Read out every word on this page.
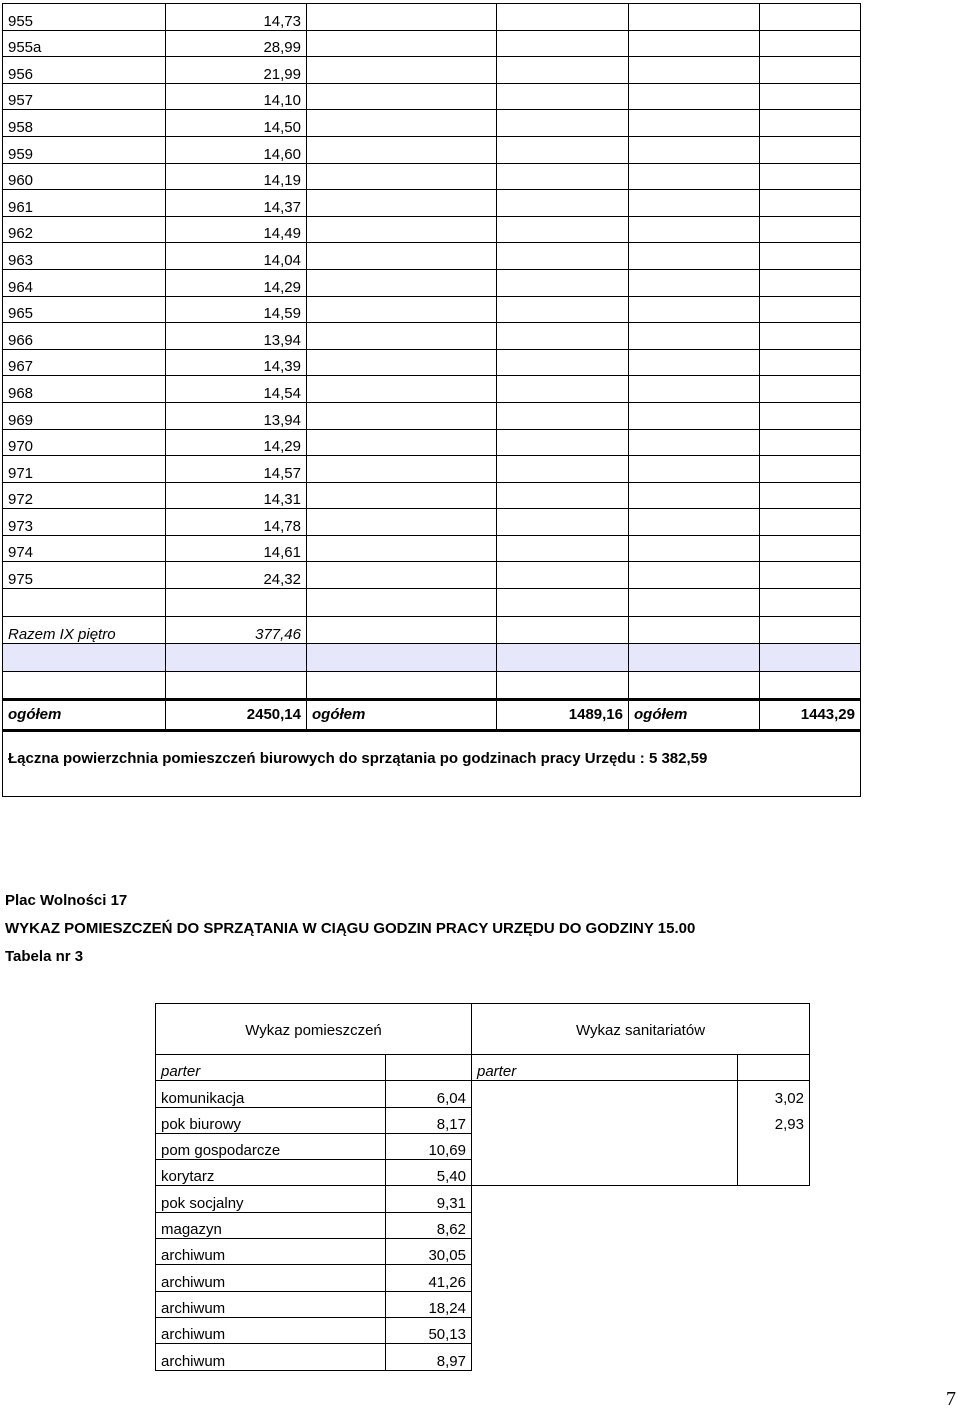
955	14,73				
955a	28,99				
956	21,99				
957	14,10				
958	14,50				
959	14,60				
960	14,19				
961	14,37				
962	14,49				
963	14,04				
964	14,29				
965	14,59				
966	13,94				
967	14,39				
968	14,54				
969	13,94				
970	14,29				
971	14,57				
972	14,31				
973	14,78				
974	14,61				
975	24,32				

Razem IX piętro	377,46				

ogółem	2450,14	ogółem	1489,16	ogółem	1443,29
Łączna powierzchnia pomieszczeń biurowych do sprzątania po godzinach pracy Urzędu : 5 382,59					
Plac Wolności 17
WYKAZ POMIESZCZEŃ DO SPRZĄTANIA W CIĄGU GODZIN PRACY URZĘDU DO GODZINY 15.00
Tabela nr 3
Wykaz pomieszczeń		Wykaz sanitariatów	
parter		parter	
komunikacja	6,04		3,02
pok biurowy	8,17		2,93
pom gospodarcze	10,69		
korytarz	5,40		
pok socjalny	9,31		
magazyn	8,62		
archiwum	30,05		
archiwum	41,26		
archiwum	18,24		
archiwum	50,13		
archiwum	8,97		
7
